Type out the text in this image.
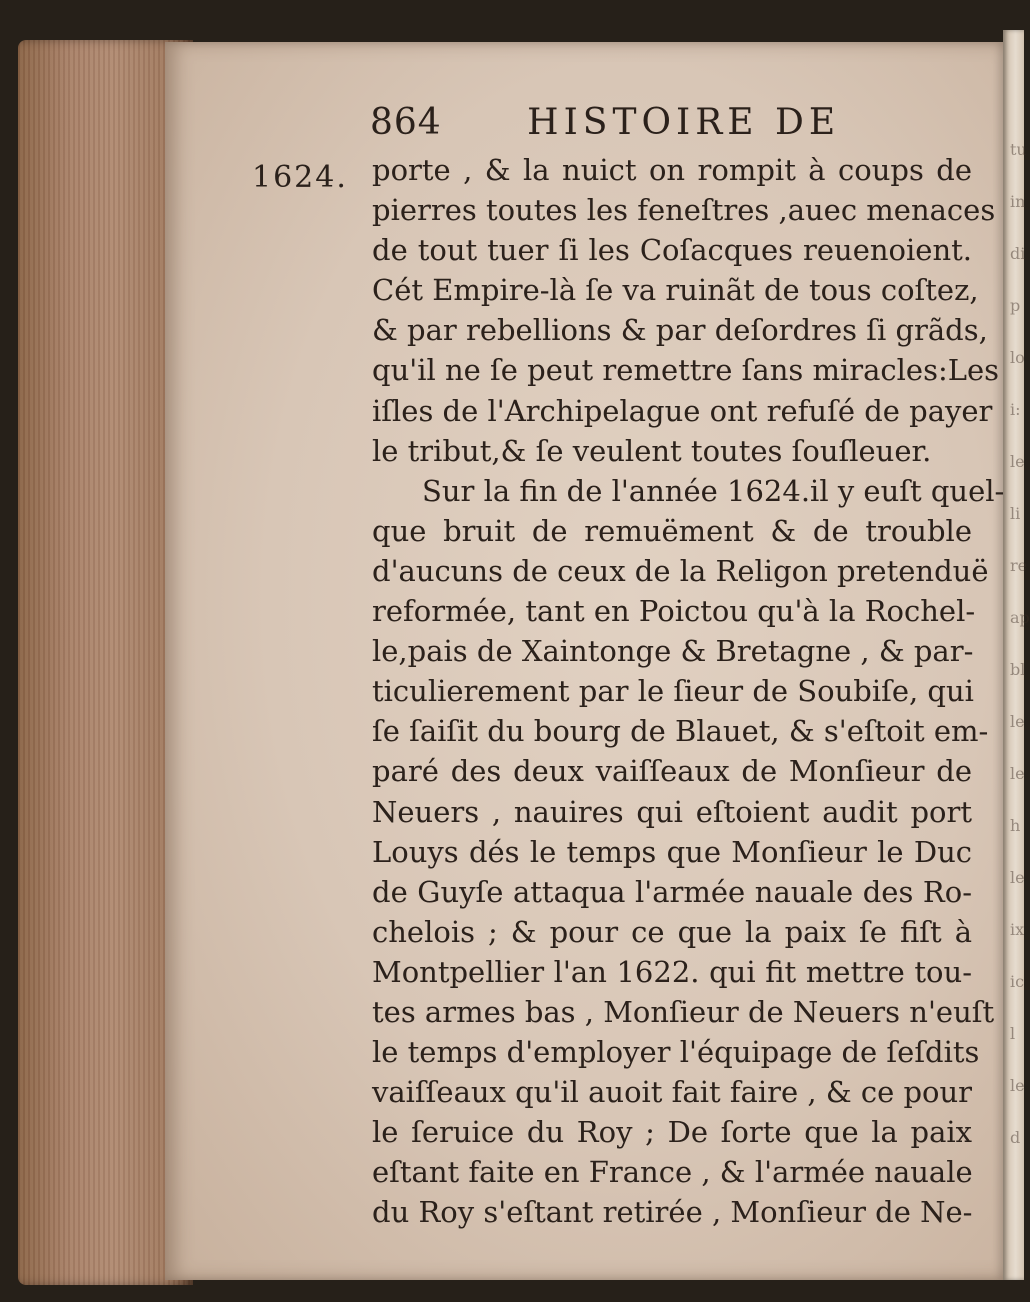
tu
in
di
p
lo
i:
le
li
re
ap
bl
le
le
h
le
ix
ic
l
le
d
864 HISTOIRE DE
1624. porte , & la nuict on rompit à coups de
pierres toutes les feneſtres ,auec menaces
de tout tuer ſi les Coſacques reuenoient.
Cét Empire-là ſe va ruinãt de tous coſtez,
& par rebellions & par deſordres ſi grãds,
qu'il ne ſe peut remettre ſans miracles:Les
iſles de l'Archipelague ont refuſé de payer
le tribut,& ſe veulent toutes ſouſleuer.
Sur la fin de l'année 1624.il y euſt quel-
que bruit de remuëment & de trouble
d'aucuns de ceux de la Religon pretenduë
reformée, tant en Poictou qu'à la Rochel-
le,pais de Xaintonge & Bretagne , & par-
ticulierement par le ſieur de Soubiſe, qui
ſe ſaiſit du bourg de Blauet, & s'eſtoit em-
paré des deux vaiſſeaux de Monſieur de
Neuers , nauires qui eſtoient audit port
Louys dés le temps que Monſieur le Duc
de Guyſe attaqua l'armée nauale des Ro-
chelois ; & pour ce que la paix ſe fiſt à
Montpellier l'an 1622. qui fit mettre tou-
tes armes bas , Monſieur de Neuers n'euſt
le temps d'employer l'équipage de ſeſdits
vaiſſeaux qu'il auoit fait faire , & ce pour
le ſeruice du Roy ; De ſorte que la paix
eſtant faite en France , & l'armée nauale
du Roy s'eſtant retirée , Monſieur de Ne-
